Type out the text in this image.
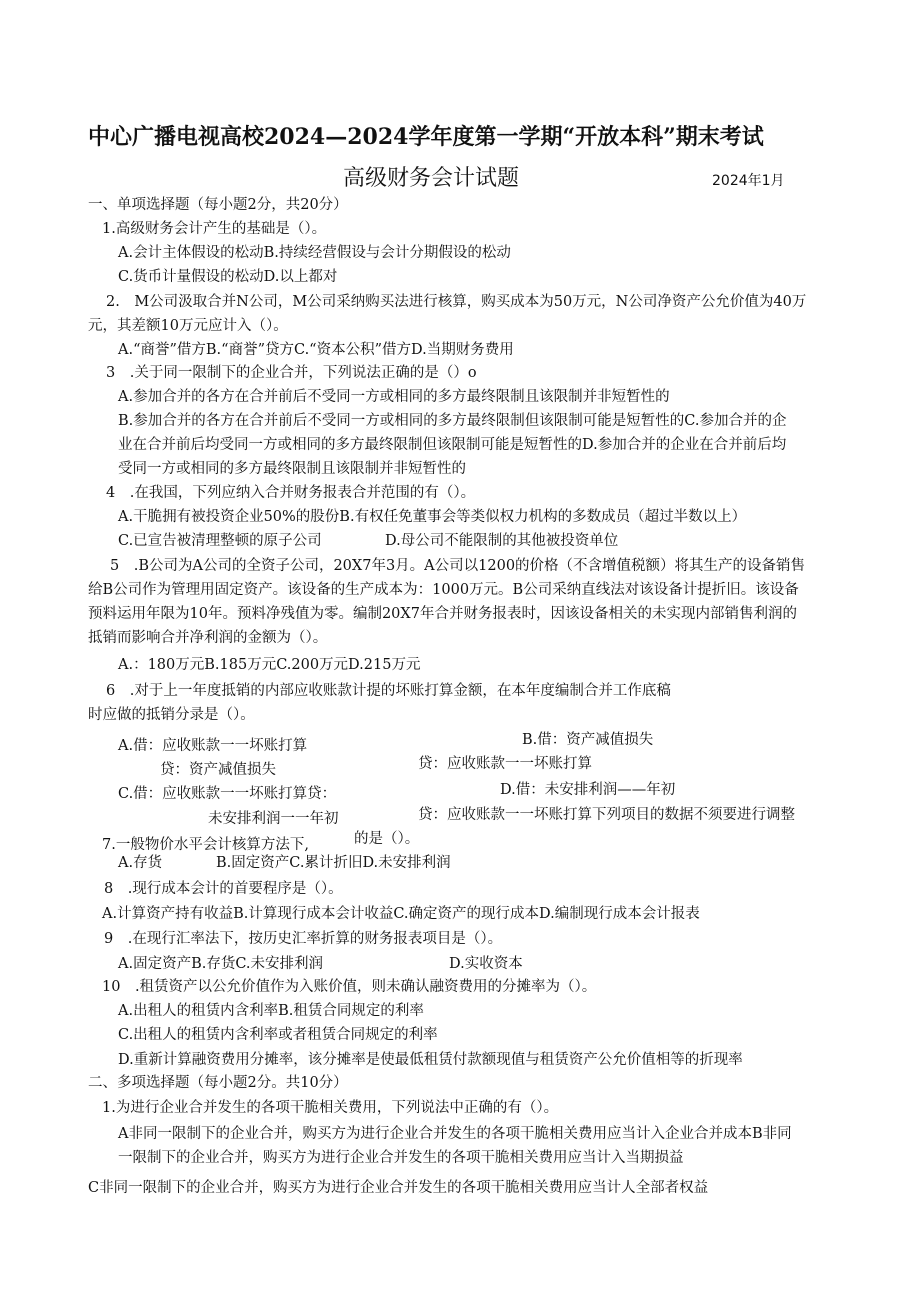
中心广播电视高校2024—2024学年度第一学期“开放本科”期末考试
高级财务会计试题	2024年1月
一、单项选择题（每小题2分，共20分）
1.高级财务会计产生的基础是（）。
A.会计主体假设的松动B.持续经营假设与会计分期假设的松动
C.货币计量假设的松动D.以上都对
2.　M公司汲取合并N公司，M公司采纳购买法进行核算，购买成本为50万元，N公司净资产公允价值为40万
元，其差额10万元应计入（）。
A.“商誉”借方B.“商誉”贷方C.“资本公积”借方D.当期财务费用
3　.关于同一限制下的企业合并，下列说法正确的是（）o
A.参加合并的各方在合并前后不受同一方或相同的多方最终限制且该限制并非短暂性的
B.参加合并的各方在合并前后不受同一方或相同的多方最终限制但该限制可能是短暂性的C.参加合并的企
业在合并前后均受同一方或相同的多方最终限制但该限制可能是短暂性的D.参加合并的企业在合并前后均
受同一方或相同的多方最终限制且该限制并非短暂性的
4　.在我国，下列应纳入合并财务报表合并范围的有（）。
A.干脆拥有被投资企业50%的股份B.有权任免董事会等类似权力机构的多数成员（超过半数以上）
C.已宣告被清理整顿的原子公司	D.母公司不能限制的其他被投资单位
5　.B公司为A公司的全资子公司，20X7年3月。A公司以1200的价格（不含增值税额）将其生产的设备销售
给B公司作为管理用固定资产。该设备的生产成本为：1000万元。B公司采纳直线法对该设备计提折旧。该设备
预料运用年限为10年。预料净残值为零。编制20X7年合并财务报表时，因该设备相关的未实现内部销售利润的
抵销而影响合并净利润的金额为（）。
A.：180万元B.185万元C.200万元D.215万元
6　.对于上一年度抵销的内部应收账款计提的坏账打算金额，在本年度编制合并工作底稿
时应做的抵销分录是（）。
A.借：应收账款一一坏账打算	B.借：资产减值损失
贷：资产减值损失	贷：应收账款一一坏账打算
C.借：应收账款一一坏账打算贷：	D.借：未安排利润——年初
未安排利润一一年初	贷：应收账款一一坏账打算下列项目的数据不须要进行调整
的是（）。
7.一般物价水平会计核算方法下,
A.存货	B.固定资产C.累计折旧D.未安排利润
8　.现行成本会计的首要程序是（）。
A.计算资产持有收益B.计算现行成本会计收益C.确定资产的现行成本D.编制现行成本会计报表
9　.在现行汇率法下，按历史汇率折算的财务报表项目是（）。
A.固定资产B.存货C.未安排利润	D.实收资本
10　.租赁资产以公允价值作为入账价值，则未确认融资费用的分摊率为（）。
A.出租人的租赁内含利率B.租赁合同规定的利率
C.出租人的租赁内含利率或者租赁合同规定的利率
D.重新计算融资费用分摊率，该分摊率是使最低租赁付款额现值与租赁资产公允价值相等的折现率
二、多项选择题（每小题2分。共10分）
1.为进行企业合并发生的各项干脆相关费用，下列说法中正确的有（）。
A非同一限制下的企业合并，购买方为进行企业合并发生的各项干脆相关费用应当计入企业合并成本B非同
一限制下的企业合并，购买方为进行企业合并发生的各项干脆相关费用应当计入当期损益
C非同一限制下的企业合并，购买方为进行企业合并发生的各项干脆相关费用应当计人全部者权益
